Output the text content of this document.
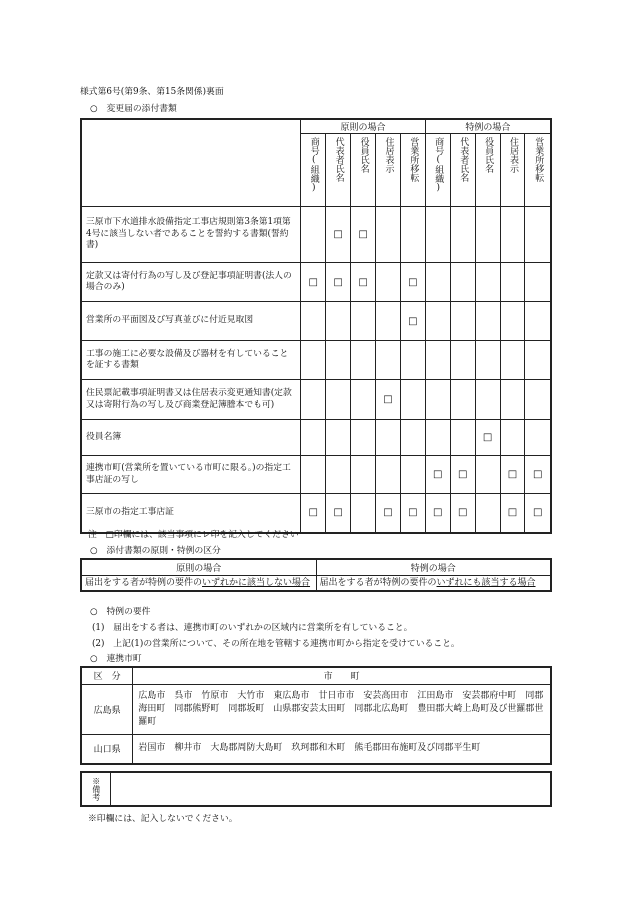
様式第6号(第9条、第15条関係)裏面
○　変更届の添付書類
	原則の場合					特例の場合				

	商号(組織)	代表者氏名	役員氏名	住居表示	営業所移転	商号(組織)	代表者氏名	役員氏名	住居表示	営業所移転

三原市下水道排水設備指定工事店規則第3条第1項第4号に該当しない者であることを誓約する書類(誓約書)		□	□							
定款又は寄付行為の写し及び登記事項証明書(法人の場合のみ)	□	□	□		□					
営業所の平面図及び写真並びに付近見取図					□					
工事の施工に必要な設備及び器材を有していることを証する書類										
住民票記載事項証明書又は住居表示変更通知書(定款又は寄附行為の写し及び商業登記簿謄本でも可)				□						
役員名簿								□		
連携市町(営業所を置いている市町に限る。)の指定工事店証の写し						□	□		□	□
三原市の指定工事店証	□	□		□	□	□	□		□	□
注　□印欄には、該当事項にレ印を記入してください
○　添付書類の原則・特例の区分
原則の場合	特例の場合
届出をする者が特例の要件のいずれかに該当しない場合	届出をする者が特例の要件のいずれにも該当する場合
○　特例の要件
(1)　 届出をする者は、連携市町のいずれかの区域内に営業所を有していること。
(2)　 上記(1)の営業所について、その所在地を管轄する連携市町から指定を受けていること。
○　連携市町
区　分	市　　町
広島県	広島市　呉市　竹原市　大竹市　東広島市　廿日市市　安芸高田市　江田島市　安芸郡府中町　同郡海田町　同郡熊野町　同郡坂町　山県郡安芸太田町　同郡北広島町　豊田郡大崎上島町及び世羅郡世羅町
山口県	岩国市　柳井市　大島郡周防大島町　玖珂郡和木町　熊毛郡田布施町及び同郡平生町
※備考

※印欄には、記入しないでください。
